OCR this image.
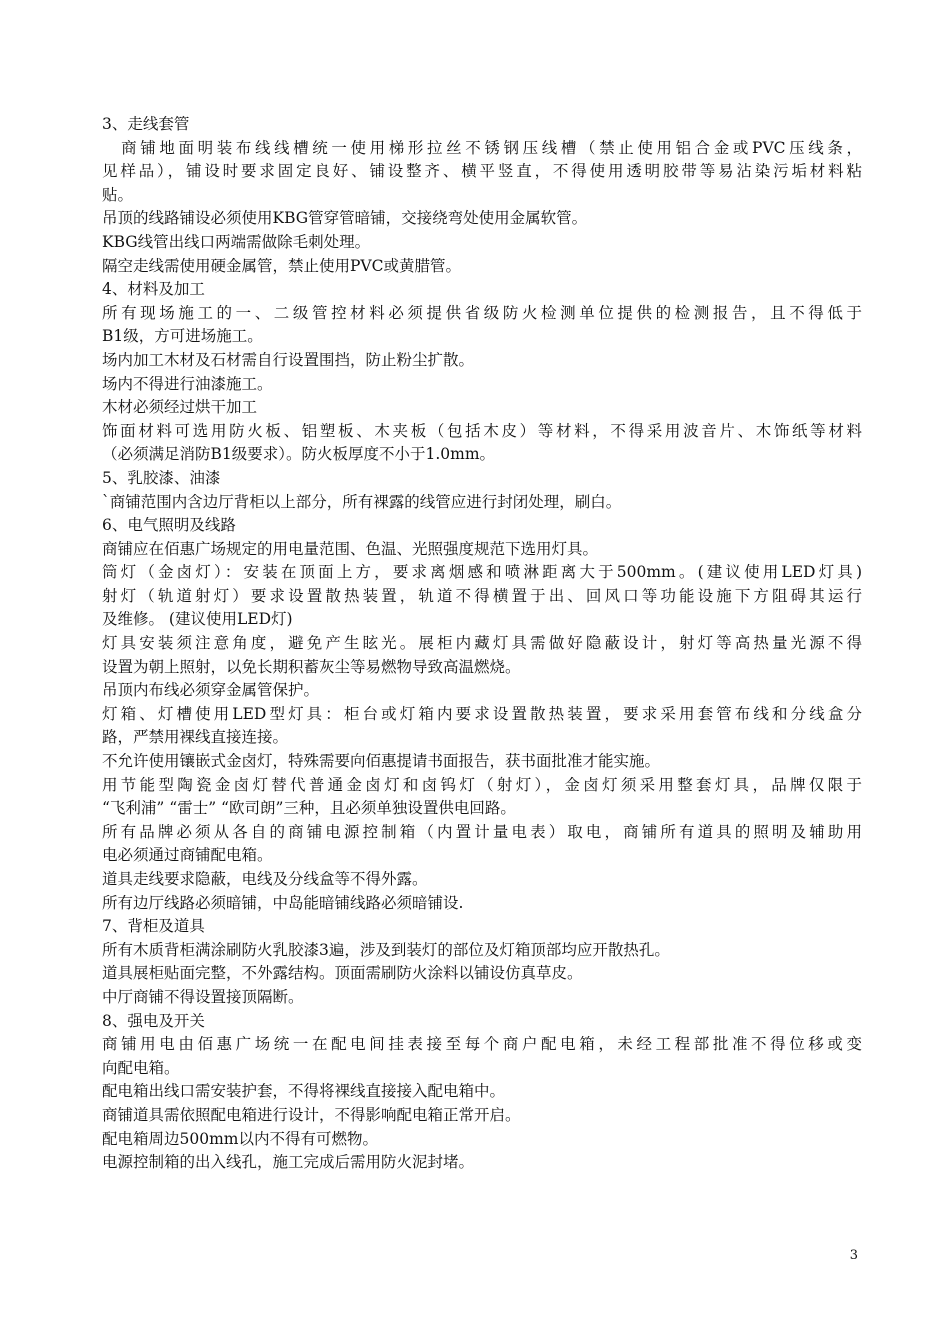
3、走线套管
　商铺地面明装布线线槽统一使用梯形拉丝不锈钢压线槽（禁止使用铝合金或PVC压线条，
见样品），铺设时要求固定良好、铺设整齐、横平竖直，不得使用透明胶带等易沾染污垢材料粘
贴。
吊顶的线路铺设必须使用KBG管穿管暗铺，交接绕弯处使用金属软管。
KBG线管出线口两端需做除毛刺处理。
隔空走线需使用硬金属管，禁止使用PVC或黄腊管。
4、材料及加工
所有现场施工的一、二级管控材料必须提供省级防火检测单位提供的检测报告，且不得低于
B1级，方可进场施工。
场内加工木材及石材需自行设置围挡，防止粉尘扩散。
场内不得进行油漆施工。
木材必须经过烘干加工
饰面材料可选用防火板、铝塑板、木夹板（包括木皮）等材料，不得采用波音片、木饰纸等材料
（必须满足消防B1级要求）。防火板厚度不小于1.0mm。
5、乳胶漆、油漆
`商铺范围内含边厅背柜以上部分，所有裸露的线管应进行封闭处理，刷白。
6、电气照明及线路
商铺应在佰惠广场规定的用电量范围、色温、光照强度规范下选用灯具。
筒灯（金卤灯）：安装在顶面上方，要求离烟感和喷淋距离大于500mm。(建议使用LED灯具)
射灯（轨道射灯）要求设置散热装置，轨道不得横置于出、回风口等功能设施下方阻碍其运行
及维修。 (建议使用LED灯)
灯具安装须注意角度，避免产生眩光。展柜内藏灯具需做好隐蔽设计，射灯等高热量光源不得
设置为朝上照射，以免长期积蓄灰尘等易燃物导致高温燃烧。
吊顶内布线必须穿金属管保护。
灯箱、灯槽使用LED型灯具：柜台或灯箱内要求设置散热装置，要求采用套管布线和分线盒分
路，严禁用裸线直接连接。
不允许使用镶嵌式金卤灯，特殊需要向佰惠提请书面报告，获书面批准才能实施。
用节能型陶瓷金卤灯替代普通金卤灯和卤钨灯（射灯），金卤灯须采用整套灯具，品牌仅限于
“飞利浦” “雷士” “欧司朗”三种，且必须单独设置供电回路。
所有品牌必须从各自的商铺电源控制箱（内置计量电表）取电，商铺所有道具的照明及辅助用
电必须通过商铺配电箱。
道具走线要求隐蔽，电线及分线盒等不得外露。
所有边厅线路必须暗铺，中岛能暗铺线路必须暗铺设.
7、背柜及道具
所有木质背柜满涂刷防火乳胶漆3遍，涉及到装灯的部位及灯箱顶部均应开散热孔。
道具展柜贴面完整，不外露结构。顶面需刷防火涂料以铺设仿真草皮。
中厅商铺不得设置接顶隔断。
8、强电及开关
商铺用电由佰惠广场统一在配电间挂表接至每个商户配电箱，未经工程部批准不得位移或变
向配电箱。
配电箱出线口需安装护套，不得将裸线直接接入配电箱中。
商铺道具需依照配电箱进行设计，不得影响配电箱正常开启。
配电箱周边500mm以内不得有可燃物。
电源控制箱的出入线孔，施工完成后需用防火泥封堵。
3
